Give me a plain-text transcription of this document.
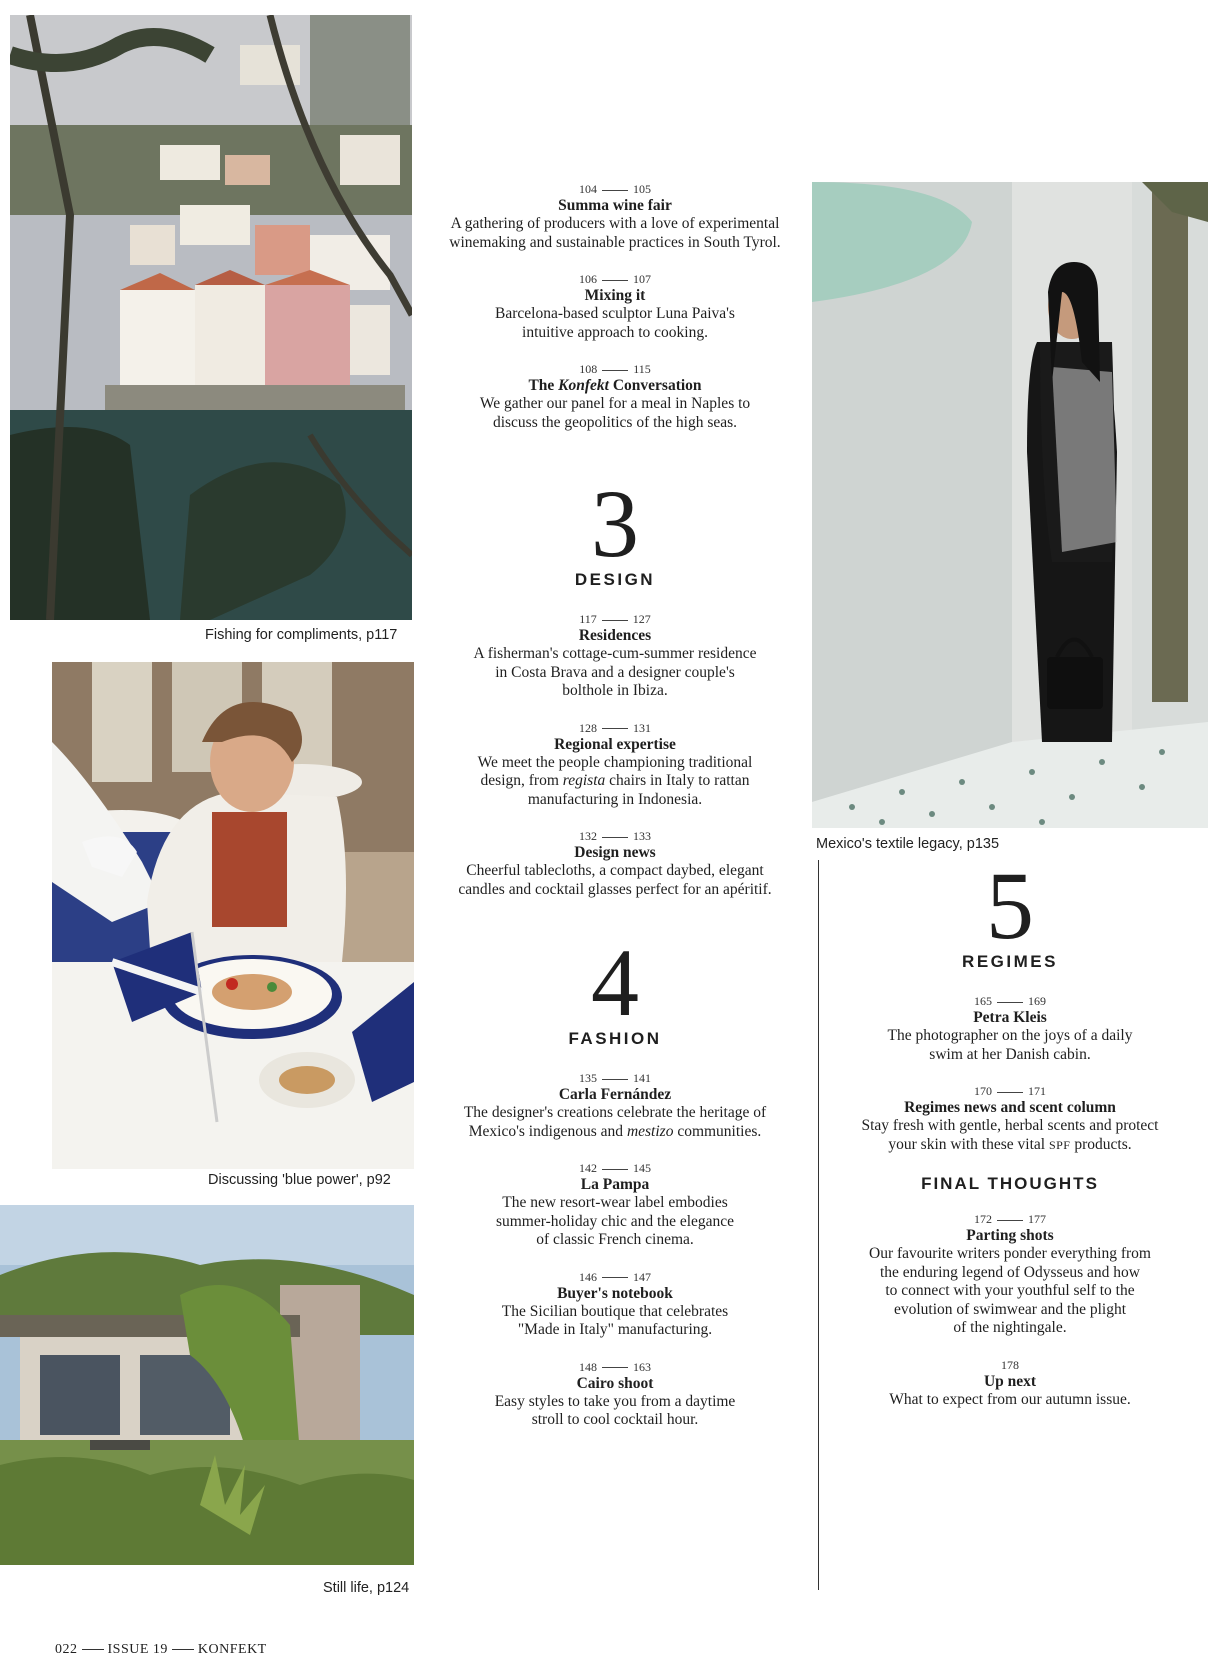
Fishing for compliments, p117
Discussing 'blue power', p92
Still life, p124
Mexico's textile legacy, p135
104	105
Summa wine fair
A gathering of producers with a love of experimental
winemaking and sustainable practices in South Tyrol.
106	107
Mixing it
Barcelona-based sculptor Luna Paiva's
intuitive approach to cooking.
108	115
The Konfekt Conversation
We gather our panel for a meal in Naples to
discuss the geopolitics of the high seas.
3
DESIGN
117	127
Residences
A fisherman's cottage-cum-summer residence
in Costa Brava and a designer couple's
bolthole in Ibiza.
128	131
Regional expertise
We meet the people championing traditional
design, from regista chairs in Italy to rattan
manufacturing in Indonesia.
132	133
Design news
Cheerful tablecloths, a compact daybed, elegant
candles and cocktail glasses perfect for an apéritif.
4
FASHION
135	141
Carla Fernández
The designer's creations celebrate the heritage of
Mexico's indigenous and mestizo communities.
142	145
La Pampa
The new resort-wear label embodies
summer-holiday chic and the elegance
of classic French cinema.
146	147
Buyer's notebook
The Sicilian boutique that celebrates
"Made in Italy" manufacturing.
148	163
Cairo shoot
Easy styles to take you from a daytime
stroll to cool cocktail hour.
5
REGIMES
165	169
Petra Kleis
The photographer on the joys of a daily
swim at her Danish cabin.
170	171
Regimes news and scent column
Stay fresh with gentle, herbal scents and protect
your skin with these vital SPF products.
FINAL THOUGHTS
172	177
Parting shots
Our favourite writers ponder everything from
the enduring legend of Odysseus and how
to connect with your youthful self to the
evolution of swimwear and the plight
of the nightingale.
178
Up next
What to expect from our autumn issue.
022 ISSUE 19 KONFEKT
